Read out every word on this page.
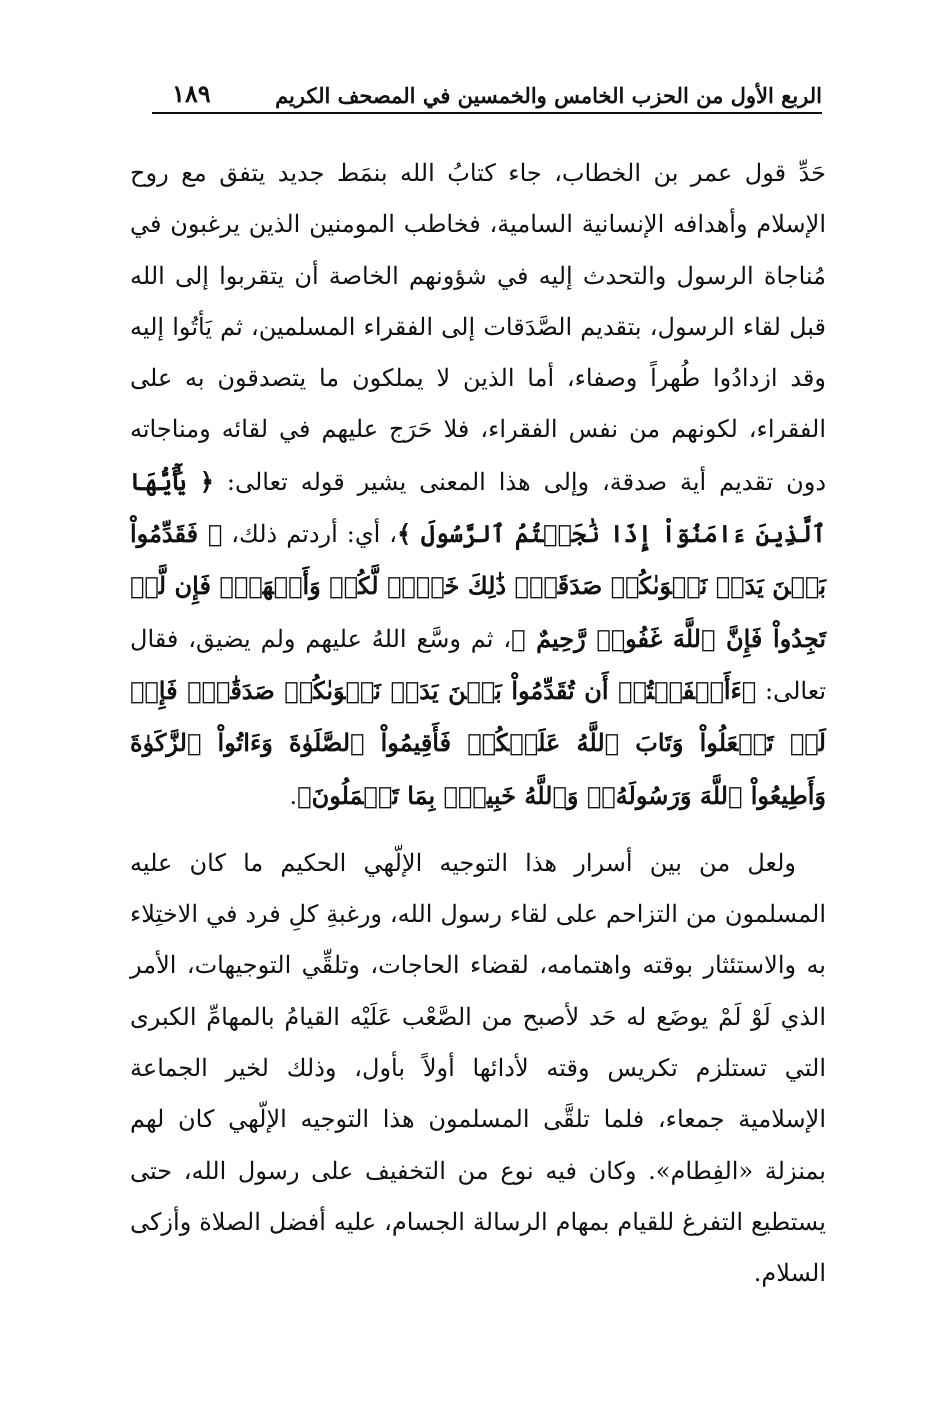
الربع الأول من الحزب الخامس والخمسين في المصحف الكريم
١٨٩

حَدِّ قول عمر بن الخطاب، جاء كتابُ الله بنمَط جديد يتفق مع روح الإسلام وأهدافه الإنسانية السامية، فخاطب المومنين الذين يرغبون في مُناجاة الرسول والتحدث إليه في شؤونهم الخاصة أن يتقربوا إلى الله قبل لقاء الرسول، بتقديم الصَّدَقات إلى الفقراء المسلمين، ثم يَأتُوا إليه وقد ازدادُوا طُهراً وصفاء، أما الذين لا يملكون ما يتصدقون به على الفقراء، لكونهم من نفس الفقراء، فلا حَرَج عليهم في لقائه ومناجاته دون تقديم أية صدقة، وإلى هذا المعنى يشير قوله تعالى: ﴿ يَٰٓأَيُّهَا ٱلَّذِينَ ءَامَنُوٓاْ إِذَا نَٰجَيۡتُمُ ٱلرَّسُولَ ﴾، أي: أردتم ذلك، ﴿ فَقَدِّمُواْ بَيۡنَ يَدَيۡ نَجۡوَىٰكُمۡ صَدَقَةٗۚ ذَٰلِكَ خَيۡرٞ لَّكُمۡ وَأَطۡهَرُۚ فَإِن لَّمۡ تَجِدُواْ فَإِنَّ ٱللَّهَ غَفُورٞ رَّحِيمٌ ﴾، ثم وسَّع اللهُ عليهم ولم يضيق، فقال تعالى: ﴿ءَأَشۡفَقۡتُمۡ أَن تُقَدِّمُواْ بَيۡنَ يَدَيۡ نَجۡوَىٰكُمۡ صَدَقَٰتٖۚ فَإِذۡ لَمۡ تَفۡعَلُواْ وَتَابَ ٱللَّهُ عَلَيۡكُمۡ فَأَقِيمُواْ ٱلصَّلَوٰةَ وَءَاتُواْ ٱلزَّكَوٰةَ وَأَطِيعُواْ ٱللَّهَ وَرَسُولَهُۥۚ وَٱللَّهُ خَبِيرُۢ بِمَا تَعۡمَلُونَ﴾.

ولعل من بين أسرار هذا التوجيه الإلّهي الحكيم ما كان عليه المسلمون من التزاحم على لقاء رسول الله، ورغبةِ كلِ فرد في الاختِلاء به والاستئثار بوقته واهتمامه، لقضاء الحاجات، وتلقِّي التوجيهات، الأمر الذي لَوْ لَمْ يوضَع له حَد لأصبح من الصَّعْب عَلَيْه القيامُ بالمهامِّ الكبرى التي تستلزم تكريس وقته لأدائها أولاً بأول، وذلك لخير الجماعة الإسلامية جمعاء، فلما تلقَّى المسلمون هذا التوجيه الإلّهي كان لهم بمنزلة «الفِطام». وكان فيه نوع من التخفيف على رسول الله، حتى يستطيع التفرغ للقيام بمهام الرسالة الجسام، عليه أفضل الصلاة وأزكى السلام.
